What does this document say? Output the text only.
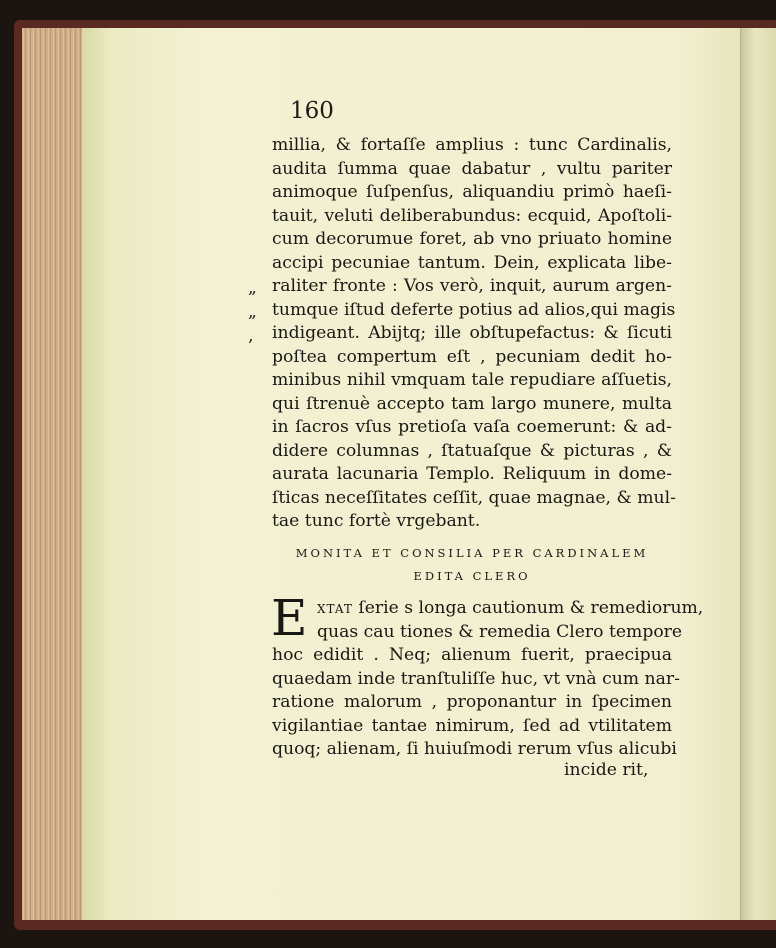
160
millia, & fortaſſe amplius : tunc Cardinalis,
audita ſumma quae dabatur , vultu pariter
animoque ſuſpenſus, aliquandiu primò haeſi-
tauit, veluti deliberabundus: ecquid, Apoſtoli-
cum decorumue foret, ab vno priuato homine
accipi pecuniae tantum. Dein, explicata libe-
raliter fronte : Vos verò, inquit, aurum argen-
tumque iſtud deferte potius ad alios,qui magis
indigeant. Abijtq; ille obſtupefactus: & ſicuti
poſtea compertum eſt , pecuniam dedit ho-
minibus nihil vmquam tale repudiare aſſuetis,
qui ſtrenuè accepto tam largo munere, multa
in ſacros vſus pretioſa vaſa coemerunt: & ad-
didere columnas , ſtatuaſque & picturas , &
aurata lacunaria Templo. Reliquum in dome-
ſticas neceſſitates ceſſit, quae magnae, & mul-
tae tunc fortè vrgebant.
„
„
‚
MONITA ET CONSILIA PER CARDINALEM
EDITA CLERO
E XTAT ſerie s longa cautionum & remediorum,
quas cau tiones & remedia Clero tempore
hoc edidit . Neq; alienum fuerit, praecipua
quaedam inde tranſtuliſſe huc, vt vnà cum nar-
ratione malorum , proponantur in ſpecimen
vigilantiae tantae nimirum, ſed ad vtilitatem
quoq; alienam, ſi huiuſmodi rerum vſus alicubi
incide rit,
